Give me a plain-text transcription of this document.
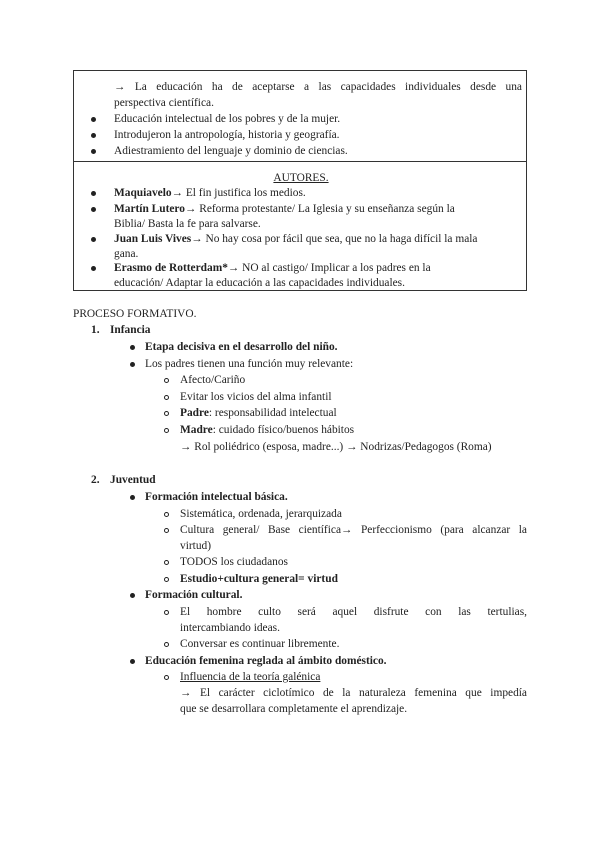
→ La educación ha de aceptarse a las capacidades individuales desde una
perspectiva científica.
Educación intelectual de los pobres y de la mujer.
Introdujeron la antropología, historia y geografía.
Adiestramiento del lenguaje y dominio de ciencias.
AUTORES.
Maquiavelo→ El fin justifica los medios.
Martín Lutero→ Reforma protestante/ La Iglesia y su enseñanza según la
Biblia/ Basta la fe para salvarse.
Juan Luis Vives→ No hay cosa por fácil que sea, que no la haga difícil la mala
gana.
Erasmo de Rotterdam*→ NO al castigo/ Implicar a los padres en la
educación/ Adaptar la educación a las capacidades individuales.
PROCESO FORMATIVO.
1. Infancia
Etapa decisiva en el desarrollo del niño.
Los padres tienen una función muy relevante:
Afecto/Cariño
Evitar los vicios del alma infantil
Padre: responsabilidad intelectual
Madre: cuidado físico/buenos hábitos
→ Rol poliédrico (esposa, madre...) → Nodrizas/Pedagogos (Roma)
2. Juventud
Formación intelectual básica.
Sistemática, ordenada, jerarquizada
Cultura general/ Base científica→ Perfeccionismo (para alcanzar la
virtud)
TODOS los ciudadanos
Estudio+cultura general= virtud
Formación cultural.
El hombre culto será aquel disfrute con las tertulias,
intercambiando ideas.
Conversar es continuar libremente.
Educación femenina reglada al ámbito doméstico.
Influencia de la teoría galénica
→ El carácter ciclotímico de la naturaleza femenina que impedía
que se desarrollara completamente el aprendizaje.
